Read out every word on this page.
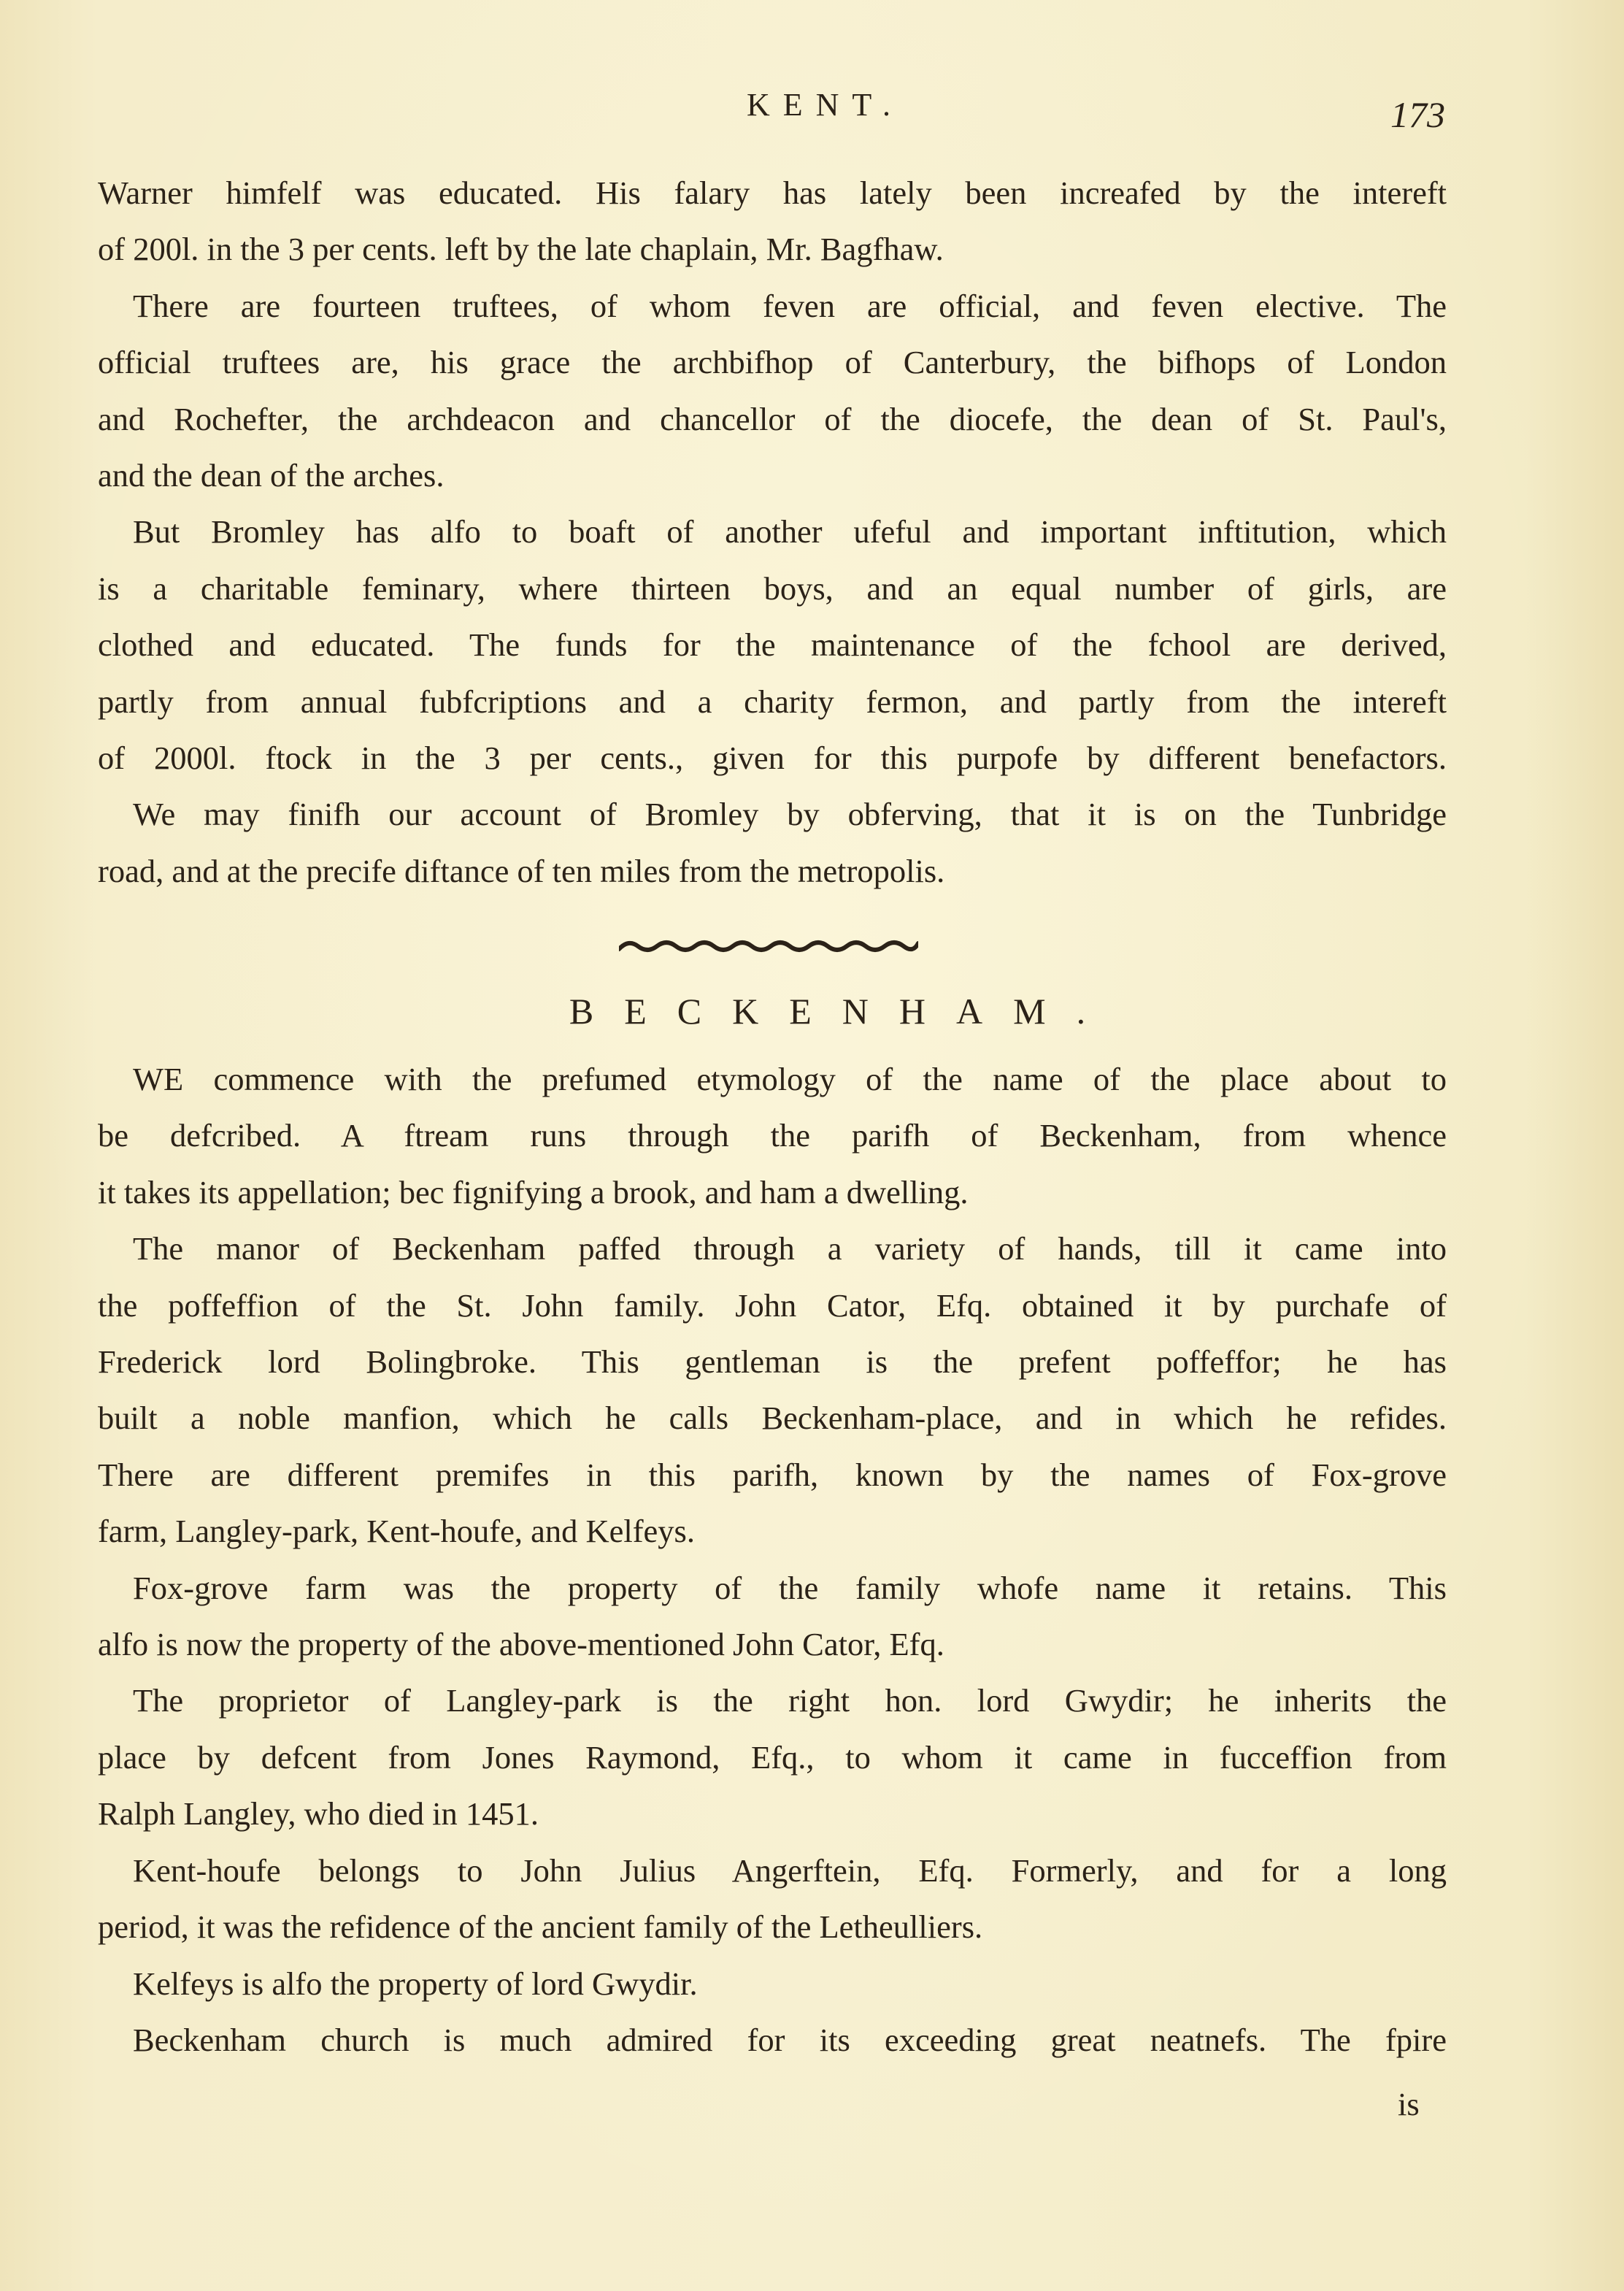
KENT.	173

Warner himfelf was educated. His falary has lately been increafed by the intereft

of 200l. in the 3 per cents. left by the late chaplain, Mr. Bagfhaw.

There are fourteen truftees, of whom feven are official, and feven elective. The

official truftees are, his grace the archbifhop of Canterbury, the bifhops of London

and Rochefter, the archdeacon and chancellor of the diocefe, the dean of St. Paul's,

and the dean of the arches.

But Bromley has alfo to boaft of another ufeful and important inftitution, which

is a charitable feminary, where thirteen boys, and an equal number of girls, are

clothed and educated. The funds for the maintenance of the fchool are derived,

partly from annual fubfcriptions and a charity fermon, and partly from the intereft

of 2000l. ftock in the 3 per cents., given for this purpofe by different benefactors.

We may finifh our account of Bromley by obferving, that it is on the Tunbridge

road, and at the precife diftance of ten miles from the metropolis.

BECKENHAM.

WE commence with the prefumed etymology of the name of the place about to

be defcribed. A ftream runs through the parifh of Beckenham, from whence

it takes its appellation; bec fignifying a brook, and ham a dwelling.

The manor of Beckenham paffed through a variety of hands, till it came into

the poffeffion of the St. John family. John Cator, Efq. obtained it by purchafe of

Frederick lord Bolingbroke. This gentleman is the prefent poffeffor; he has

built a noble manfion, which he calls Beckenham-place, and in which he refides.

There are different premifes in this parifh, known by the names of Fox-grove

farm, Langley-park, Kent-houfe, and Kelfeys.

Fox-grove farm was the property of the family whofe name it retains. This

alfo is now the property of the above-mentioned John Cator, Efq.

The proprietor of Langley-park is the right hon. lord Gwydir; he inherits the

place by defcent from Jones Raymond, Efq., to whom it came in fucceffion from

Ralph Langley, who died in 1451.

Kent-houfe belongs to John Julius Angerftein, Efq. Formerly, and for a long

period, it was the refidence of the ancient family of the Letheulliers.

Kelfeys is alfo the property of lord Gwydir.

Beckenham church is much admired for its exceeding great neatnefs. The fpire

is
